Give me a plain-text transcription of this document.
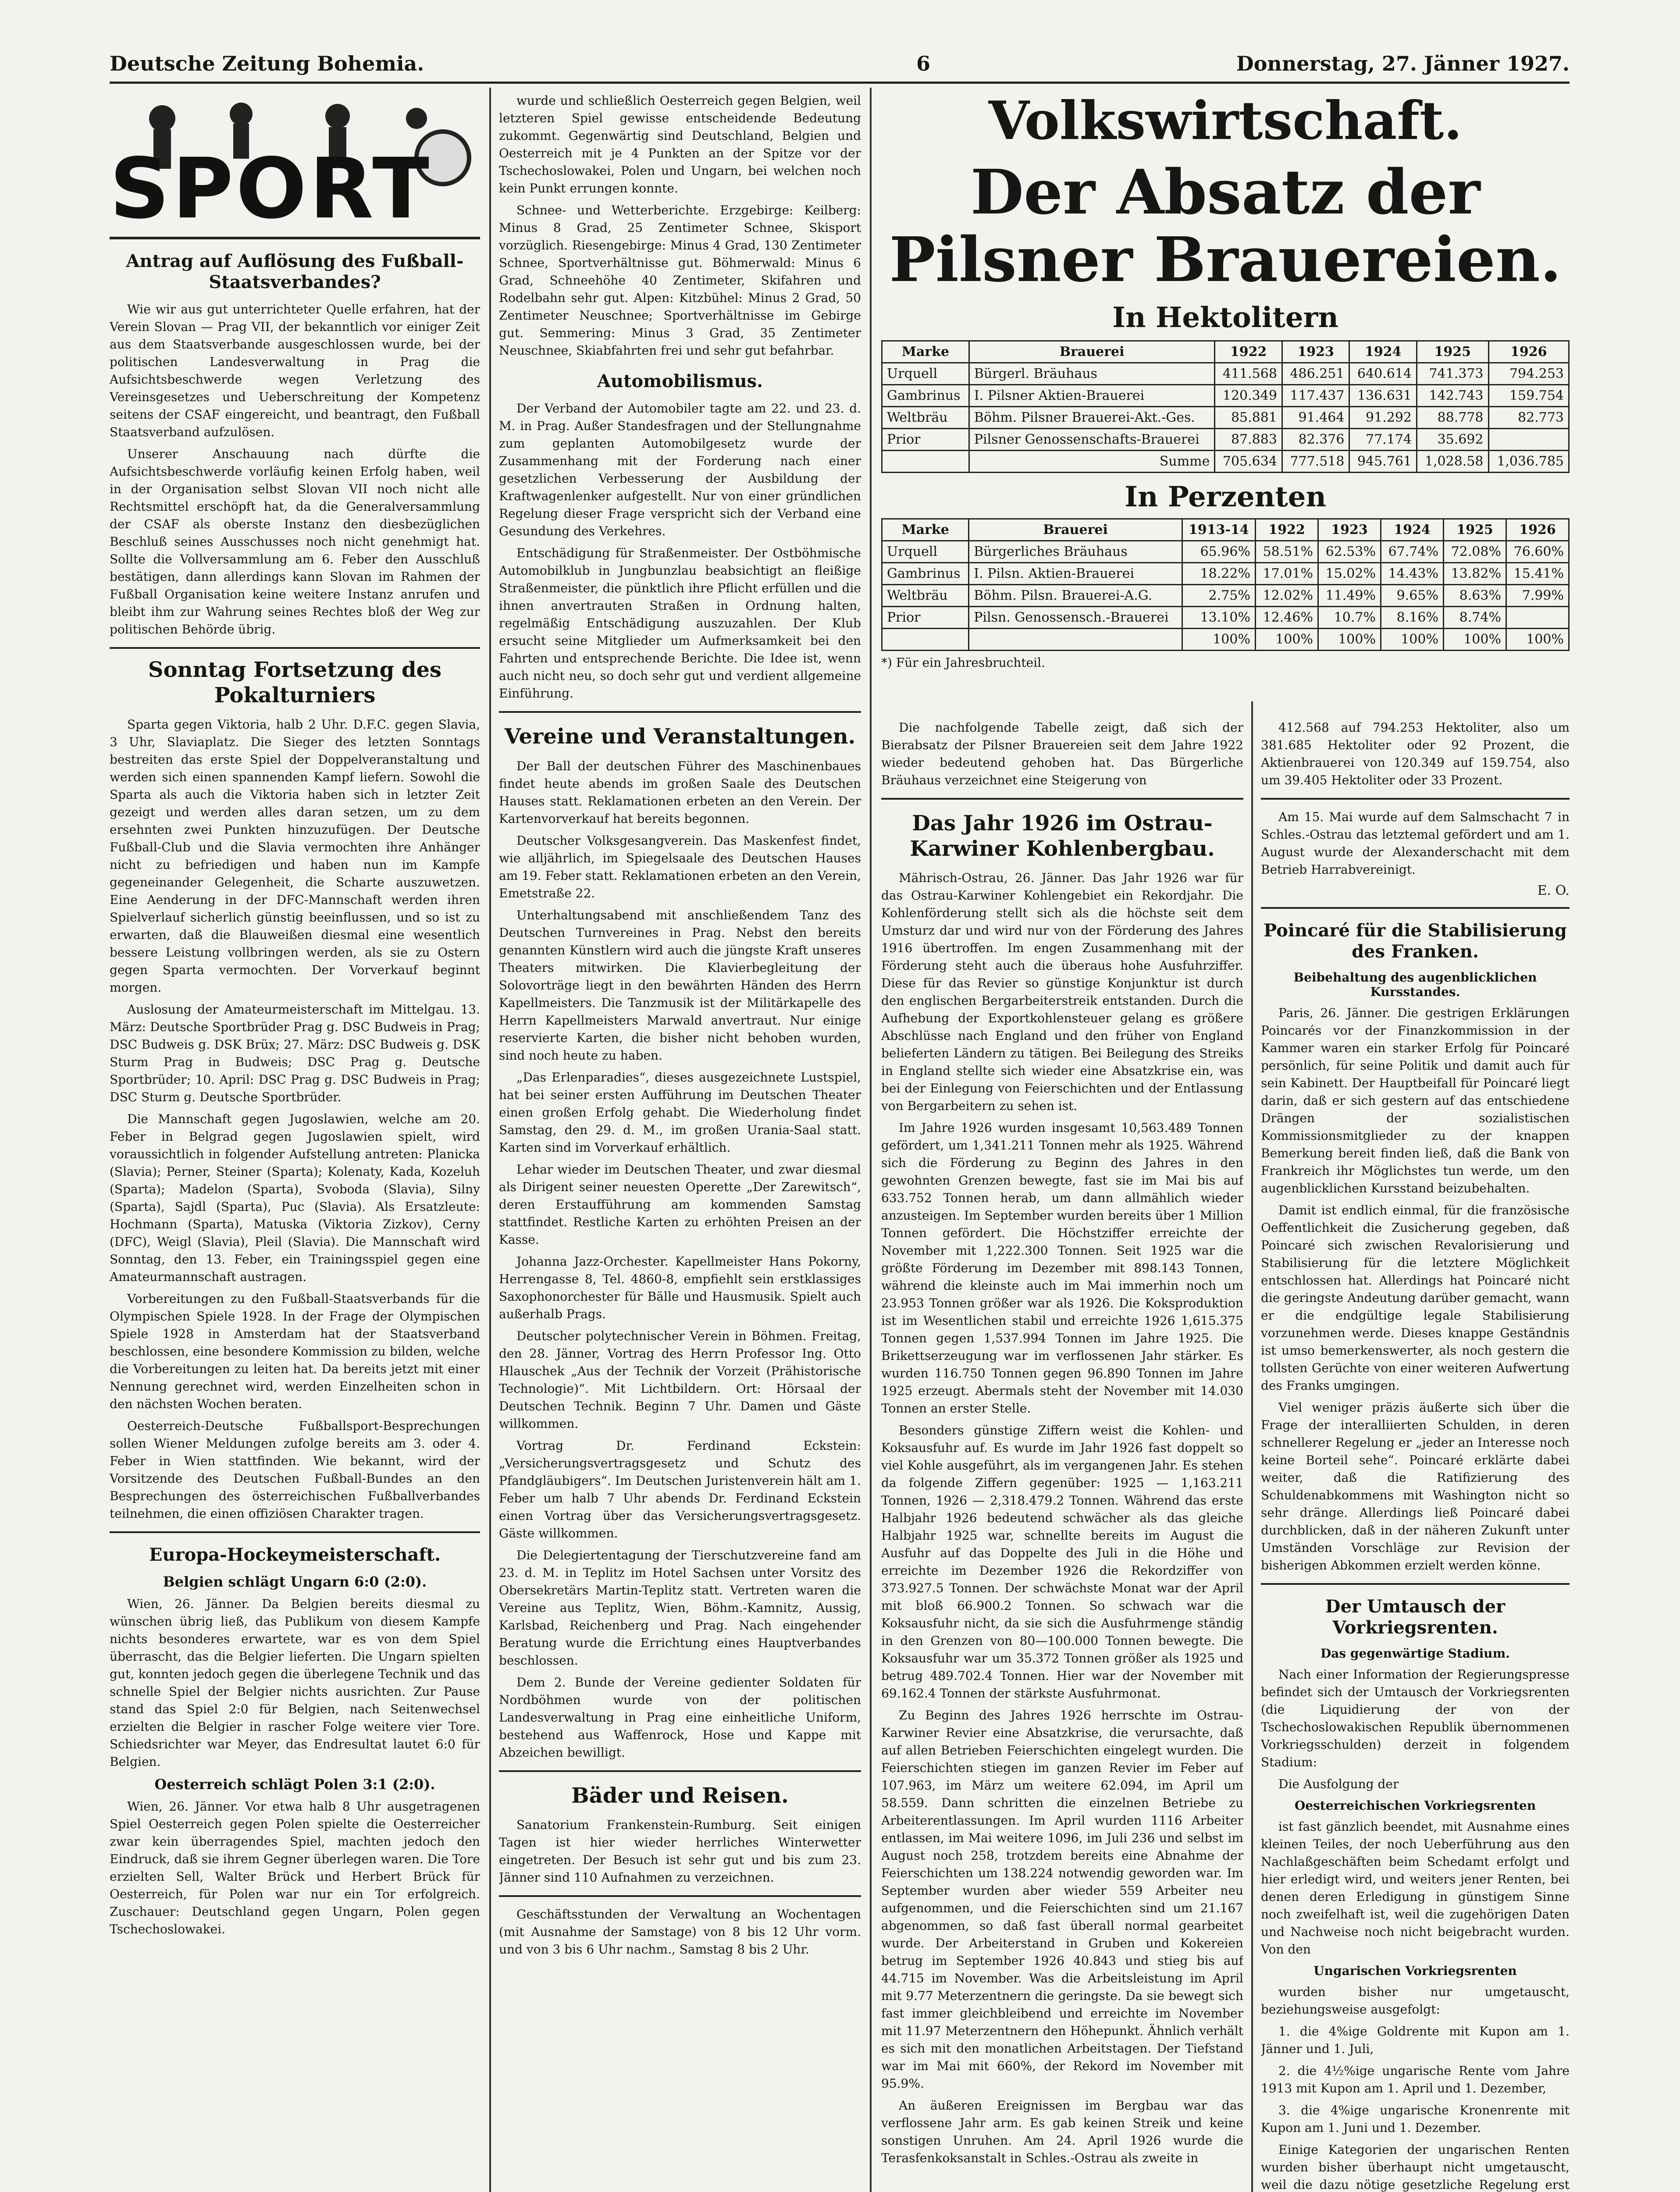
Deutsche Zeitung Bohemia.	6	Donnerstag, 27. Jänner 1927.
SPORT
Antrag auf Auflösung des Fußball-Staatsverbandes?

Wie wir aus gut unterrichteter Quelle erfahren, hat der Verein Slovan — Prag VII, der bekanntlich vor einiger Zeit aus dem Staatsverbande ausgeschlossen wurde, bei der politischen Landesverwaltung in Prag die Aufsichtsbeschwerde wegen Verletzung des Vereinsgesetzes und Ueberschreitung der Kompetenz seitens der CSAF eingereicht, und beantragt, den Fußball Staatsverband aufzulösen.

Unserer Anschauung nach dürfte die Aufsichtsbeschwerde vorläufig keinen Erfolg haben, weil in der Organisation selbst Slovan VII noch nicht alle Rechtsmittel erschöpft hat, da die Generalversammlung der CSAF als oberste Instanz den diesbezüglichen Beschluß seines Ausschusses noch nicht genehmigt hat. Sollte die Vollversammlung am 6. Feber den Ausschluß bestätigen, dann allerdings kann Slovan im Rahmen der Fußball Organisation keine weitere Instanz anrufen und bleibt ihm zur Wahrung seines Rechtes bloß der Weg zur politischen Behörde übrig.

Sonntag Fortsetzung des Pokalturniers

Sparta gegen Viktoria, halb 2 Uhr. D.F.C. gegen Slavia, 3 Uhr, Slaviaplatz. Die Sieger des letzten Sonntags bestreiten das erste Spiel der Doppelveranstaltung und werden sich einen spannenden Kampf liefern. Sowohl die Sparta als auch die Viktoria haben sich in letzter Zeit gezeigt und werden alles daran setzen, um zu dem ersehnten zwei Punkten hinzuzufügen. Der Deutsche Fußball-Club und die Slavia vermochten ihre Anhänger nicht zu befriedigen und haben nun im Kampfe gegeneinander Gelegenheit, die Scharte auszuwetzen. Eine Aenderung in der DFC-Mannschaft werden ihren Spielverlauf sicherlich günstig beeinflussen, und so ist zu erwarten, daß die Blauweißen diesmal eine wesentlich bessere Leistung vollbringen werden, als sie zu Ostern gegen Sparta vermochten. Der Vorverkauf beginnt morgen.

Auslosung der Amateurmeisterschaft im Mittelgau. 13. März: Deutsche Sportbrüder Prag g. DSC Budweis in Prag; DSC Budweis g. DSK Brüx; 27. März: DSC Budweis g. DSK Sturm Prag in Budweis; DSC Prag g. Deutsche Sportbrüder; 10. April: DSC Prag g. DSC Budweis in Prag; DSC Sturm g. Deutsche Sportbrüder.

Die Mannschaft gegen Jugoslawien, welche am 20. Feber in Belgrad gegen Jugoslawien spielt, wird voraussichtlich in folgender Aufstellung antreten: Planicka (Slavia); Perner, Steiner (Sparta); Kolenaty, Kada, Kozeluh (Sparta); Madelon (Sparta), Svoboda (Slavia), Silny (Sparta), Sajdl (Sparta), Puc (Slavia). Als Ersatzleute: Hochmann (Sparta), Matuska (Viktoria Zizkov), Cerny (DFC), Weigl (Slavia), Pleil (Slavia). Die Mannschaft wird Sonntag, den 13. Feber, ein Trainingsspiel gegen eine Amateurmannschaft austragen.

Vorbereitungen zu den Fußball-Staatsverbands für die Olympischen Spiele 1928. In der Frage der Olympischen Spiele 1928 in Amsterdam hat der Staatsverband beschlossen, eine besondere Kommission zu bilden, welche die Vorbereitungen zu leiten hat. Da bereits jetzt mit einer Nennung gerechnet wird, werden Einzelheiten schon in den nächsten Wochen beraten.

Oesterreich-Deutsche Fußballsport-Besprechungen sollen Wiener Meldungen zufolge bereits am 3. oder 4. Feber in Wien stattfinden. Wie bekannt, wird der Vorsitzende des Deutschen Fußball-Bundes an den Besprechungen des österreichischen Fußballverbandes teilnehmen, die einen offiziösen Charakter tragen.

Europa-Hockeymeisterschaft.
Belgien schlägt Ungarn 6:0 (2:0).

Wien, 26. Jänner. Da Belgien bereits diesmal zu wünschen übrig ließ, das Publikum von diesem Kampfe nichts besonderes erwartete, war es von dem Spiel überrascht, das die Belgier lieferten. Die Ungarn spielten gut, konnten jedoch gegen die überlegene Technik und das schnelle Spiel der Belgier nichts ausrichten. Zur Pause stand das Spiel 2:0 für Belgien, nach Seitenwechsel erzielten die Belgier in rascher Folge weitere vier Tore. Schiedsrichter war Meyer, das Endresultat lautet 6:0 für Belgien.

Oesterreich schlägt Polen 3:1 (2:0).

Wien, 26. Jänner. Vor etwa halb 8 Uhr ausgetragenen Spiel Oesterreich gegen Polen spielte die Oesterreicher zwar kein überragendes Spiel, machten jedoch den Eindruck, daß sie ihrem Gegner überlegen waren. Die Tore erzielten Sell, Walter Brück und Herbert Brück für Oesterreich, für Polen war nur ein Tor erfolgreich. Zuschauer: Deutschland gegen Ungarn, Polen gegen Tschechoslowakei.

wurde und schließlich Oesterreich gegen Belgien, weil letzteren Spiel gewisse entscheidende Bedeutung zukommt. Gegenwärtig sind Deutschland, Belgien und Oesterreich mit je 4 Punkten an der Spitze vor der Tschechoslowakei, Polen und Ungarn, bei welchen noch kein Punkt errungen konnte.

Schnee- und Wetterberichte. Erzgebirge: Keilberg: Minus 8 Grad, 25 Zentimeter Schnee, Skisport vorzüglich. Riesengebirge: Minus 4 Grad, 130 Zentimeter Schnee, Sportverhältnisse gut. Böhmerwald: Minus 6 Grad, Schneehöhe 40 Zentimeter, Skifahren und Rodelbahn sehr gut. Alpen: Kitzbühel: Minus 2 Grad, 50 Zentimeter Neuschnee; Sportverhältnisse im Gebirge gut. Semmering: Minus 3 Grad, 35 Zentimeter Neuschnee, Skiabfahrten frei und sehr gut befahrbar.

Automobilismus.

Der Verband der Automobiler tagte am 22. und 23. d. M. in Prag. Außer Standesfragen und der Stellungnahme zum geplanten Automobilgesetz wurde der Zusammenhang mit der Forderung nach einer gesetzlichen Verbesserung der Ausbildung der Kraftwagenlenker aufgestellt. Nur von einer gründlichen Regelung dieser Frage verspricht sich der Verband eine Gesundung des Verkehres.

Entschädigung für Straßenmeister. Der Ostböhmische Automobilklub in Jungbunzlau beabsichtigt an fleißige Straßenmeister, die pünktlich ihre Pflicht erfüllen und die ihnen anvertrauten Straßen in Ordnung halten, regelmäßig Entschädigung auszuzahlen. Der Klub ersucht seine Mitglieder um Aufmerksamkeit bei den Fahrten und entsprechende Berichte. Die Idee ist, wenn auch nicht neu, so doch sehr gut und verdient allgemeine Einführung.

Vereine und Veranstaltungen.

Der Ball der deutschen Führer des Maschinenbaues findet heute abends im großen Saale des Deutschen Hauses statt. Reklamationen erbeten an den Verein. Der Kartenvorverkauf hat bereits begonnen.

Deutscher Volksgesangverein. Das Maskenfest findet, wie alljährlich, im Spiegelsaale des Deutschen Hauses am 19. Feber statt. Reklamationen erbeten an den Verein, Emetstraße 22.

Unterhaltungsabend mit anschließendem Tanz des Deutschen Turnvereines in Prag. Nebst den bereits genannten Künstlern wird auch die jüngste Kraft unseres Theaters mitwirken. Die Klavierbegleitung der Solovorträge liegt in den bewährten Händen des Herrn Kapellmeisters. Die Tanzmusik ist der Militärkapelle des Herrn Kapellmeisters Marwald anvertraut. Nur einige reservierte Karten, die bisher nicht behoben wurden, sind noch heute zu haben.

„Das Erlenparadies“, dieses ausgezeichnete Lustspiel, hat bei seiner ersten Aufführung im Deutschen Theater einen großen Erfolg gehabt. Die Wiederholung findet Samstag, den 29. d. M., im großen Urania-Saal statt. Karten sind im Vorverkauf erhältlich.

Lehar wieder im Deutschen Theater, und zwar diesmal als Dirigent seiner neuesten Operette „Der Zarewitsch“, deren Erstaufführung am kommenden Samstag stattfindet. Restliche Karten zu erhöhten Preisen an der Kasse.

Johanna Jazz-Orchester. Kapellmeister Hans Pokorny, Herrengasse 8, Tel. 4860-8, empfiehlt sein erstklassiges Saxophonorchester für Bälle und Hausmusik. Spielt auch außerhalb Prags.

Deutscher polytechnischer Verein in Böhmen. Freitag, den 28. Jänner, Vortrag des Herrn Professor Ing. Otto Hlauschek „Aus der Technik der Vorzeit (Prähistorische Technologie)“. Mit Lichtbildern. Ort: Hörsaal der Deutschen Technik. Beginn 7 Uhr. Damen und Gäste willkommen.

Vortrag Dr. Ferdinand Eckstein: „Versicherungsvertragsgesetz und Schutz des Pfandgläubigers“. Im Deutschen Juristenverein hält am 1. Feber um halb 7 Uhr abends Dr. Ferdinand Eckstein einen Vortrag über das Versicherungsvertragsgesetz. Gäste willkommen.

Die Delegiertentagung der Tierschutzvereine fand am 23. d. M. in Teplitz im Hotel Sachsen unter Vorsitz des Obersekretärs Martin-Teplitz statt. Vertreten waren die Vereine aus Teplitz, Wien, Böhm.-Kamnitz, Aussig, Karlsbad, Reichenberg und Prag. Nach eingehender Beratung wurde die Errichtung eines Hauptverbandes beschlossen.

Dem 2. Bunde der Vereine gedienter Soldaten für Nordböhmen wurde von der politischen Landesverwaltung in Prag eine einheitliche Uniform, bestehend aus Waffenrock, Hose und Kappe mit Abzeichen bewilligt.

Bäder und Reisen.

Sanatorium Frankenstein-Rumburg. Seit einigen Tagen ist hier wieder herrliches Winterwetter eingetreten. Der Besuch ist sehr gut und bis zum 23. Jänner sind 110 Aufnahmen zu verzeichnen.

Geschäftsstunden der Verwaltung an Wochentagen (mit Ausnahme der Samstage) von 8 bis 12 Uhr vorm. und von 3 bis 6 Uhr nachm., Samstag 8 bis 2 Uhr.

Volkswirtschaft.
Der Absatz der Pilsner Brauereien.
In Hektolitern
Marke	Brauerei	1922	1923	1924	1925	1926
Urquell	Bürgerl. Bräuhaus	411.568	486.251	640.614	741.373	794.253
Gambrinus	I. Pilsner Aktien-Brauerei	120.349	117.437	136.631	142.743	159.754
Weltbräu	Böhm. Pilsner Brauerei-Akt.-Ges.	85.881	91.464	91.292	88.778	82.773
Prior	Pilsner Genossenschafts-Brauerei	87.883	82.376	77.174	35.692	
	Summe	705.634	777.518	945.761	1,028.58	1,036.785
In Perzenten
Marke	Brauerei	1913-14	1922	1923	1924	1925	1926
Urquell	Bürgerliches Bräuhaus	65.96%	58.51%	62.53%	67.74%	72.08%	76.60%
Gambrinus	I. Pilsn. Aktien-Brauerei	18.22%	17.01%	15.02%	14.43%	13.82%	15.41%
Weltbräu	Böhm. Pilsn. Brauerei-A.G.	2.75%	12.02%	11.49%	9.65%	8.63%	7.99%
Prior	Pilsn. Genossensch.-Brauerei	13.10%	12.46%	10.7%	8.16%	8.74%	
		100%	100%	100%	100%	100%	100%
*) Für ein Jahresbruchteil.

Die nachfolgende Tabelle zeigt, daß sich der Bierabsatz der Pilsner Brauereien seit dem Jahre 1922 wieder bedeutend gehoben hat. Das Bürgerliche Bräuhaus verzeichnet eine Steigerung von

Das Jahr 1926 im Ostrau-Karwiner Kohlenbergbau.

Mährisch-Ostrau, 26. Jänner. Das Jahr 1926 war für das Ostrau-Karwiner Kohlengebiet ein Rekordjahr. Die Kohlenförderung stellt sich als die höchste seit dem Umsturz dar und wird nur von der Förderung des Jahres 1916 übertroffen. Im engen Zusammenhang mit der Förderung steht auch die überaus hohe Ausfuhrziffer. Diese für das Revier so günstige Konjunktur ist durch den englischen Bergarbeiterstreik entstanden. Durch die Aufhebung der Exportkohlensteuer gelang es größere Abschlüsse nach England und den früher von England belieferten Ländern zu tätigen. Bei Beilegung des Streiks in England stellte sich wieder eine Absatzkrise ein, was bei der Einlegung von Feierschichten und der Entlassung von Bergarbeitern zu sehen ist.

Im Jahre 1926 wurden insgesamt 10,563.489 Tonnen gefördert, um 1,341.211 Tonnen mehr als 1925. Während sich die Förderung zu Beginn des Jahres in den gewohnten Grenzen bewegte, fast sie im Mai bis auf 633.752 Tonnen herab, um dann allmählich wieder anzusteigen. Im September wurden bereits über 1 Million Tonnen gefördert. Die Höchstziffer erreichte der November mit 1,222.300 Tonnen. Seit 1925 war die größte Förderung im Dezember mit 898.143 Tonnen, während die kleinste auch im Mai immerhin noch um 23.953 Tonnen größer war als 1926. Die Koksproduktion ist im Wesentlichen stabil und erreichte 1926 1,615.375 Tonnen gegen 1,537.994 Tonnen im Jahre 1925. Die Brikettserzeugung war im verflossenen Jahr stärker. Es wurden 116.750 Tonnen gegen 96.890 Tonnen im Jahre 1925 erzeugt. Abermals steht der November mit 14.030 Tonnen an erster Stelle.

Besonders günstige Ziffern weist die Kohlen- und Koksausfuhr auf. Es wurde im Jahr 1926 fast doppelt so viel Kohle ausgeführt, als im vergangenen Jahr. Es stehen da folgende Ziffern gegenüber: 1925 — 1,163.211 Tonnen, 1926 — 2,318.479.2 Tonnen. Während das erste Halbjahr 1926 bedeutend schwächer als das gleiche Halbjahr 1925 war, schnellte bereits im August die Ausfuhr auf das Doppelte des Juli in die Höhe und erreichte im Dezember 1926 die Rekordziffer von 373.927.5 Tonnen. Der schwächste Monat war der April mit bloß 66.900.2 Tonnen. So schwach war die Koksausfuhr nicht, da sie sich die Ausfuhrmenge ständig in den Grenzen von 80—100.000 Tonnen bewegte. Die Koksausfuhr war um 35.372 Tonnen größer als 1925 und betrug 489.702.4 Tonnen. Hier war der November mit 69.162.4 Tonnen der stärkste Ausfuhrmonat.

Zu Beginn des Jahres 1926 herrschte im Ostrau-Karwiner Revier eine Absatzkrise, die verursachte, daß auf allen Betrieben Feierschichten eingelegt wurden. Die Feierschichten stiegen im ganzen Revier im Feber auf 107.963, im März um weitere 62.094, im April um 58.559. Dann schritten die einzelnen Betriebe zu Arbeiterentlassungen. Im April wurden 1116 Arbeiter entlassen, im Mai weitere 1096, im Juli 236 und selbst im August noch 258, trotzdem bereits eine Abnahme der Feierschichten um 138.224 notwendig geworden war. Im September wurden aber wieder 559 Arbeiter neu aufgenommen, und die Feierschichten sind um 21.167 abgenommen, so daß fast überall normal gearbeitet wurde. Der Arbeiterstand in Gruben und Kokereien betrug im September 1926 40.843 und stieg bis auf 44.715 im November. Was die Arbeitsleistung im April mit 9.77 Meterzentnern die geringste. Da sie bewegt sich fast immer gleichbleibend und erreichte im November mit 11.97 Meterzentnern den Höhepunkt. Ähnlich verhält es sich mit den monatlichen Arbeitstagen. Der Tiefstand war im Mai mit 660%, der Rekord im November mit 95.9%.

An äußeren Ereignissen im Bergbau war das verflossene Jahr arm. Es gab keinen Streik und keine sonstigen Unruhen. Am 24. April 1926 wurde die Terasfenkoksanstalt in Schles.-Ostrau als zweite in

412.568 auf 794.253 Hektoliter, also um 381.685 Hektoliter oder 92 Prozent, die Aktienbrauerei von 120.349 auf 159.754, also um 39.405 Hektoliter oder 33 Prozent.

Am 15. Mai wurde auf dem Salmschacht 7 in Schles.-Ostrau das letztemal gefördert und am 1. August wurde der Alexanderschacht mit dem Betrieb Harrabvereinigt.

E. O.
Poincaré für die Stabilisierung des Franken.
Beibehaltung des augenblicklichen Kursstandes.

Paris, 26. Jänner. Die gestrigen Erklärungen Poincarés vor der Finanzkommission in der Kammer waren ein starker Erfolg für Poincaré persönlich, für seine Politik und damit auch für sein Kabinett. Der Hauptbeifall für Poincaré liegt darin, daß er sich gestern auf das entschiedene Drängen der sozialistischen Kommissionsmitglieder zu der knappen Bemerkung bereit finden ließ, daß die Bank von Frankreich ihr Möglichstes tun werde, um den augenblicklichen Kursstand beizubehalten.

Damit ist endlich einmal, für die französische Oeffentlichkeit die Zusicherung gegeben, daß Poincaré sich zwischen Revalorisierung und Stabilisierung für die letztere Möglichkeit entschlossen hat. Allerdings hat Poincaré nicht die geringste Andeutung darüber gemacht, wann er die endgültige legale Stabilisierung vorzunehmen werde. Dieses knappe Geständnis ist umso bemerkenswerter, als noch gestern die tollsten Gerüchte von einer weiteren Aufwertung des Franks umgingen.

Viel weniger präzis äußerte sich über die Frage der interalliierten Schulden, in deren schnellerer Regelung er „jeder an Interesse noch keine Borteil sehe“. Poincaré erklärte dabei weiter, daß die Ratifizierung des Schuldenabkommens mit Washington nicht so sehr dränge. Allerdings ließ Poincaré dabei durchblicken, daß in der näheren Zukunft unter Umständen Vorschläge zur Revision der bisherigen Abkommen erzielt werden könne.

Der Umtausch der Vorkriegsrenten.
Das gegenwärtige Stadium.

Nach einer Information der Regierungspresse befindet sich der Umtausch der Vorkriegsrenten (die Liquidierung der von der Tschechoslowakischen Republik übernommenen Vorkriegsschulden) derzeit in folgendem Stadium:

Die Ausfolgung der

Oesterreichischen Vorkriegsrenten

ist fast gänzlich beendet, mit Ausnahme eines kleinen Teiles, der noch Ueberführung aus den Nachlaßgeschäften beim Schedamt erfolgt und hier erledigt wird, und weiters jener Renten, bei denen deren Erledigung in günstigem Sinne noch zweifelhaft ist, weil die zugehörigen Daten und Nachweise noch nicht beigebracht wurden. Von den

Ungarischen Vorkriegsrenten

wurden bisher nur umgetauscht, beziehungsweise ausgefolgt:

1. die 4%ige Goldrente mit Kupon am 1. Jänner und 1. Juli,

2. die 4½%ige ungarische Rente vom Jahre 1913 mit Kupon am 1. April und 1. Dezember,

3. die 4%ige ungarische Kronenrente mit Kupon am 1. Juni und 1. Dezember.

Einige Kategorien der ungarischen Renten wurden bisher überhaupt nicht umgetauscht, weil die dazu nötige gesetzliche Regelung erst
